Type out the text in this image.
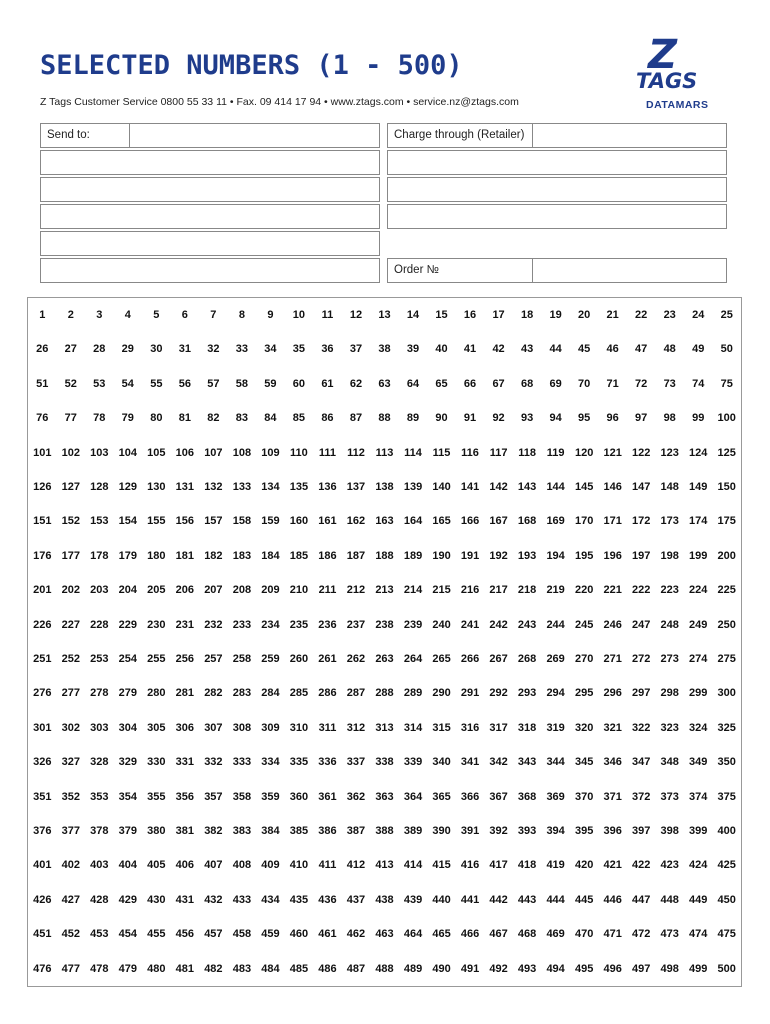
SELECTED NUMBERS (1 - 500)
Z Tags Customer Service 0800 55 33 11 • Fax. 09 414 17 94 • www.ztags.com • service.nz@ztags.com
Z
TAGS
DATAMARS
Send to:	Charge through (Retailer)
Order №
1	2	3	4	5	6	7	8	9	10	11	12	13	14	15	16	17	18	19	20	21	22	23	24	25
26	27	28	29	30	31	32	33	34	35	36	37	38	39	40	41	42	43	44	45	46	47	48	49	50
51	52	53	54	55	56	57	58	59	60	61	62	63	64	65	66	67	68	69	70	71	72	73	74	75
76	77	78	79	80	81	82	83	84	85	86	87	88	89	90	91	92	93	94	95	96	97	98	99	100
101 102 103 104 105 106 107 108 109 110	111	112 113 114 115 116 117 118 119 120 121 122 123 124 125
126 127 128 129 130 131 132 133 134 135 136 137 138 139 140 141 142 143 144 145 146 147 148 149 150
151 152 153 154 155 156 157 158 159 160 161 162 163 164 165 166 167 168 169 170 171 172 173 174 175
176 177 178 179 180 181 182 183 184 185 186 187 188 189 190 191 192 193 194 195 196 197 198 199 200
201 202 203 204 205 206 207 208 209 210 211 212 213 214 215 216 217 218 219 220 221 222 223 224 225
226 227 228 229 230 231 232 233 234 235 236 237 238 239 240 241 242 243 244 245 246 247 248 249 250
251 252 253 254 255 256 257 258 259 260 261 262 263 264 265 266 267 268 269 270 271 272 273 274 275
276 277 278 279 280 281 282 283 284 285 286 287 288 289 290 291 292 293 294 295 296 297 298 299 300
301 302 303 304 305 306 307 308 309 310 311 312 313 314 315 316 317 318 319 320 321 322 323 324 325
326 327 328 329 330 331 332 333 334 335 336 337 338 339 340 341 342 343 344 345 346 347 348 349 350
351 352 353 354 355 356 357 358 359 360 361 362 363 364 365 366 367 368 369 370 371 372 373 374 375
376 377 378 379 380 381 382 383 384 385 386 387 388 389 390 391 392 393 394 395 396 397 398 399 400
401 402 403 404 405 406 407 408 409 410 411 412 413 414 415 416 417 418 419 420 421 422 423 424 425
426 427 428 429 430 431 432 433 434 435 436 437 438 439 440 441 442 443 444 445 446 447 448 449 450
451 452 453 454 455 456 457 458 459 460 461 462 463 464 465 466 467 468 469 470 471 472 473 474 475
476 477 478 479 480 481 482 483 484 485 486 487 488 489 490 491 492 493 494 495 496 497 498 499 500
